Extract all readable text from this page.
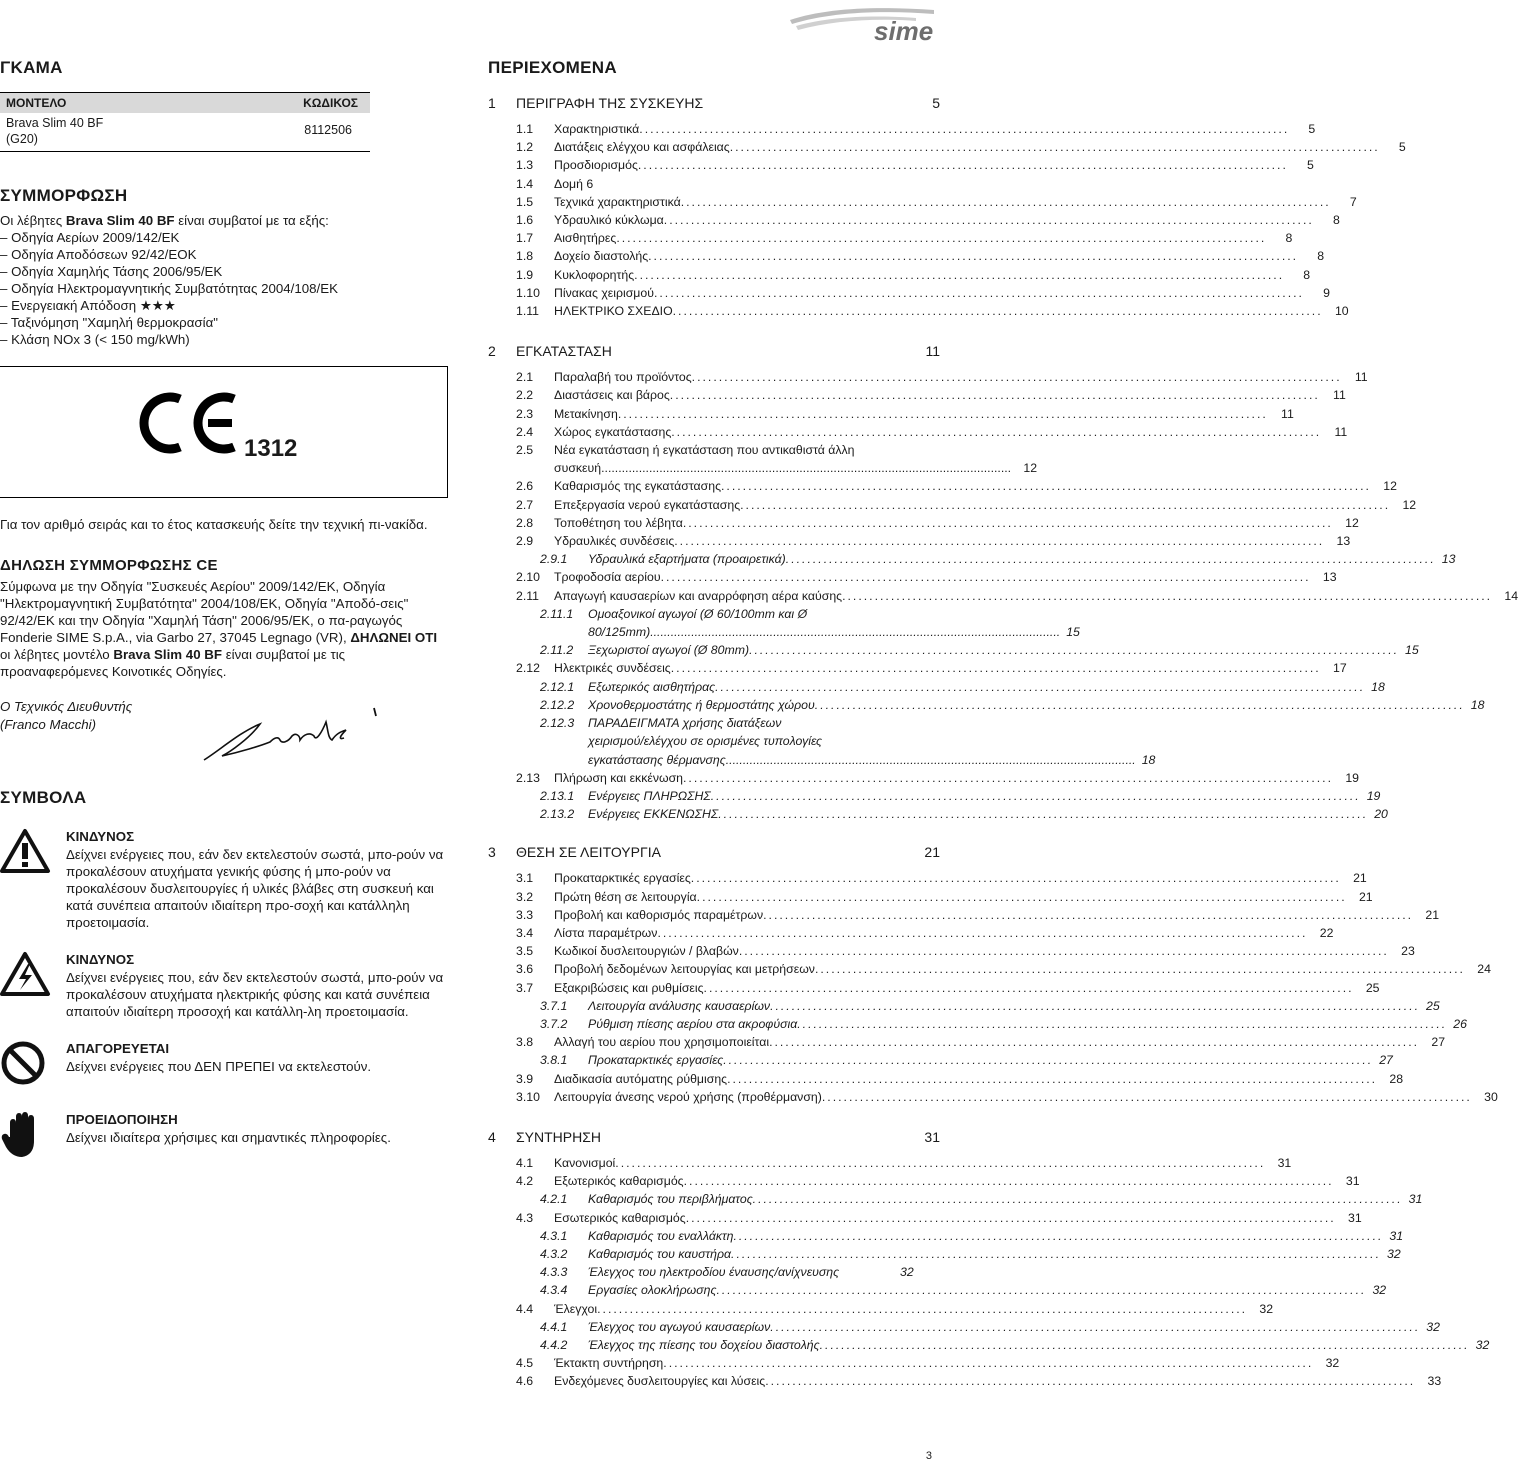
sime
ΓΚΑΜΑ
ΜΟΝΤΕΛΟ	ΚΩΔΙΚΟΣ
Brava Slim 40 BF
(G20)
8112506
ΣΥΜΜΟΡΦΩΣΗ

Οι λέβητες Brava Slim 40 BF είναι συμβατοί με τα εξής:

– Οδηγία Αερίων 2009/142/EK
– Οδηγία Αποδόσεων 92/42/ΕΟΚ
– Οδηγία Χαμηλής Τάσης 2006/95/ΕΚ
– Οδηγία Ηλεκτρομαγνητικής Συμβατότητας 2004/108/ΕΚ
– Ενεργειακή Απόδοση ★★★
– Ταξινόμηση "Χαμηλή θερμοκρασία"
– Κλάση NOx 3 (< 150 mg/kWh)
1312

Για τον αριθμό σειράς και το έτος κατασκευής δείτε την τεχνική πι-νακίδα.

ΔΗΛΩΣΗ ΣΥΜΜΟΡΦΩΣΗΣ CE

Σύμφωνα με την Οδηγία "Συσκευές Αερίου" 2009/142/EK, Οδηγία "Ηλεκτρομαγνητική Συμβατότητα" 2004/108/EK, Οδηγία "Αποδό-σεις" 92/42/EK και την Οδηγία "Χαμηλή Τάση" 2006/95/EK, ο πα-ραγωγός Fonderie SIME S.p.A., via Garbo 27, 37045 Legnago (VR), ΔΗΛΩΝΕΙ ΟΤΙ οι λέβητες μοντέλο Brava Slim 40 BF είναι συμβατοί με τις προαναφερόμενες Κοινοτικές Οδηγίες.

Ο Τεχνικός Διευθυντής
(Franco Macchi)
ΣΥΜΒΟΛΑ
ΚΙΝΔΥΝΟΣ

Δείχνει ενέργειες που, εάν δεν εκτελεστούν σωστά, μπο-ρούν να προκαλέσουν ατυχήματα γενικής φύσης ή μπο-ρούν να προκαλέσουν δυσλειτουργίες ή υλικές βλάβες στη συσκευή και κατά συνέπεια απαιτούν ιδιαίτερη προ-σοχή και κατάλληλη προετοιμασία.

ΚΙΝΔΥΝΟΣ

Δείχνει ενέργειες που, εάν δεν εκτελεστούν σωστά, μπο-ρούν να προκαλέσουν ατυχήματα ηλεκτρικής φύσης και κατά συνέπεια απαιτούν ιδιαίτερη προσοχή και κατάλλη-λη προετοιμασία.

ΑΠΑΓΟΡΕΥΕΤΑΙ

Δείχνει ενέργειες που ΔΕΝ ΠΡΕΠΕΙ να εκτελεστούν.

ΠΡΟΕΙΔΟΠΟΙΗΣΗ

Δείχνει ιδιαίτερα χρήσιμες και σημαντικές πληροφορίες.

ΠΕΡΙΕΧΟΜΕΝΑ
1	ΠΕΡΙΓΡΑΦΗ ΤΗΣ ΣΥΣΚΕΥΗΣ	5
1.1	Χαρακτηριστικά ........................................................................................................................	5
1.2	Διατάξεις ελέγχου και ασφάλειας ........................................................................................................................	5
1.3	Προσδιορισμός ........................................................................................................................	5
1.4	Δομή 6
1.5	Τεχνικά χαρακτηριστικά ........................................................................................................................	7
1.6	Υδραυλικό κύκλωμα ........................................................................................................................	8
1.7	Αισθητήρες ........................................................................................................................	8
1.8	Δοχείο διαστολής ........................................................................................................................	8
1.9	Κυκλοφορητής ........................................................................................................................	8
1.10	Πίνακας χειρισμού ........................................................................................................................	9
1.11	ΗΛΕΚΤΡΙΚΟ ΣΧΕΔΙΟ ........................................................................................................................	10
2	ΕΓΚΑΤΑΣΤΑΣΗ	11
2.1	Παραλαβή του προϊόντος ........................................................................................................................	11
2.2	Διαστάσεις και βάρος ........................................................................................................................	11
2.3	Μετακίνηση ........................................................................................................................	11
2.4	Χώρος εγκατάστασης ........................................................................................................................	11
2.5	Νέα εγκατάσταση ή εγκατάσταση που αντικαθιστά άλλη
συσκευή ........................................................................................................................	12
2.6	Καθαρισμός της εγκατάστασης ........................................................................................................................	12
2.7	Επεξεργασία νερού εγκατάστασης ........................................................................................................................	12
2.8	Τοποθέτηση του λέβητα ........................................................................................................................	12
2.9	Υδραυλικές συνδέσεις ........................................................................................................................	13
2.9.1	Υδραυλικά εξαρτήματα (προαιρετικά) ........................................................................................................................ 13
2.10	Τροφοδοσία αερίου ........................................................................................................................	13
2.11	Απαγωγή καυσαερίων και αναρρόφηση αέρα καύσης ........................................................................................................................	14
2.11.1	Ομοαξονικοί αγωγοί (Ø 60/100mm και Ø
80/125mm) ........................................................................................................................ 15
2.11.2	Ξεχωριστοί αγωγοί (Ø 80mm) ........................................................................................................................ 15
2.12	Ηλεκτρικές συνδέσεις ........................................................................................................................	17
2.12.1	Εξωτερικός αισθητήρας ........................................................................................................................ 18
2.12.2	Χρονοθερμοστάτης ή θερμοστάτης χώρου ........................................................................................................................ 18
2.12.3	ΠΑΡΑΔΕΙΓΜΑΤΑ χρήσης διατάξεων
χειρισμού/ελέγχου σε ορισμένες τυπολογίες
εγκατάστασης θέρμανσης ........................................................................................................................ 18
2.13	Πλήρωση και εκκένωση ........................................................................................................................	19
2.13.1	Ενέργειες ΠΛΗΡΩΣΗΣ ........................................................................................................................ 19
2.13.2	Ενέργειες ΕΚΚΕΝΩΣΗΣ ........................................................................................................................ 20
3	ΘΕΣΗ ΣΕ ΛΕΙΤΟΥΡΓΙΑ	21
3.1	Προκαταρκτικές εργασίες ........................................................................................................................	21
3.2	Πρώτη θέση σε λειτουργία ........................................................................................................................	21
3.3	Προβολή και καθορισμός παραμέτρων ........................................................................................................................	21
3.4	Λίστα παραμέτρων ........................................................................................................................	22
3.5	Κωδικοί δυσλειτουργιών / βλαβών ........................................................................................................................	23
3.6	Προβολή δεδομένων λειτουργίας και μετρήσεων ........................................................................................................................	24
3.7	Εξακριβώσεις και ρυθμίσεις ........................................................................................................................	25
3.7.1	Λειτουργία ανάλυσης καυσαερίων ........................................................................................................................ 25
3.7.2	Ρύθμιση πίεσης αερίου στα ακροφύσια ........................................................................................................................ 26
3.8	Αλλαγή του αερίου που χρησιμοποιείται ........................................................................................................................	27
3.8.1	Προκαταρκτικές εργασίες ........................................................................................................................ 27
3.9	Διαδικασία αυτόματης ρύθμισης ........................................................................................................................	28
3.10	Λειτουργία άνεσης νερού χρήσης (προθέρμανση) ........................................................................................................................	30
4	ΣΥΝΤΗΡΗΣΗ	31
4.1	Κανονισμοί ........................................................................................................................	31
4.2	Εξωτερικός καθαρισμός ........................................................................................................................	31
4.2.1	Καθαρισμός του περιβλήματος ........................................................................................................................ 31
4.3	Εσωτερικός καθαρισμός ........................................................................................................................	31
4.3.1	Καθαρισμός του εναλλάκτη ........................................................................................................................ 31
4.3.2	Καθαρισμός του καυστήρα ........................................................................................................................ 32
4.3.3	Έλεγχος του ηλεκτροδίου έναυσης/ανίχνευσης	32
4.3.4	Εργασίες ολοκλήρωσης ........................................................................................................................ 32
4.4	Έλεγχοι ........................................................................................................................	32
4.4.1	Έλεγχος του αγωγού καυσαερίων ........................................................................................................................ 32
4.4.2	Έλεγχος της πίεσης του δοχείου διαστολής ........................................................................................................................ 32
4.5	Έκτακτη συντήρηση ........................................................................................................................	32
4.6	Ενδεχόμενες δυσλειτουργίες και λύσεις ........................................................................................................................	33
3
